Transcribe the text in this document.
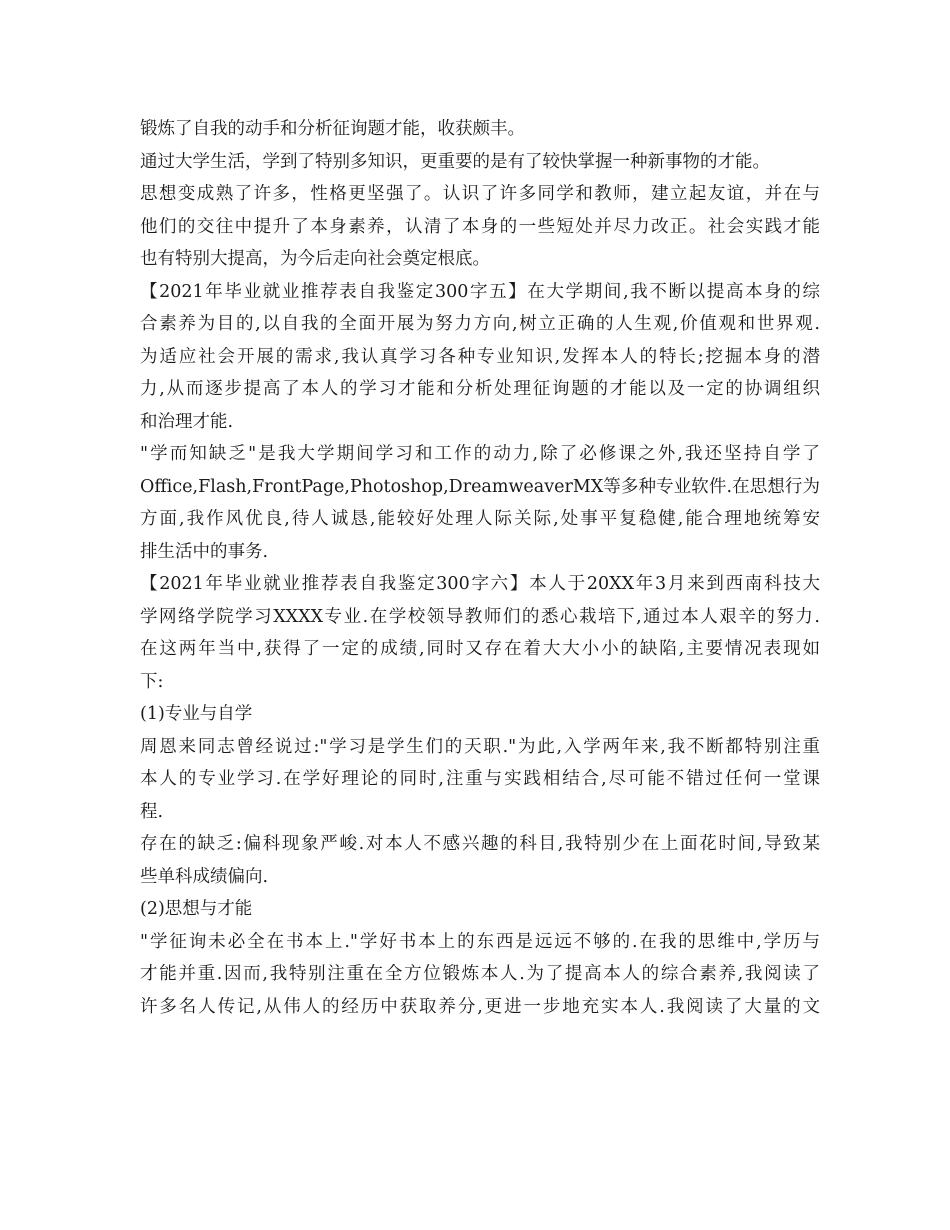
锻炼了自我的动手和分析征询题才能，收获颇丰。
通过大学生活，学到了特别多知识，更重要的是有了较快掌握一种新事物的才能。
思想变成熟了许多，性格更坚强了。认识了许多同学和教师，建立起友谊，并在与
他们的交往中提升了本身素养，认清了本身的一些短处并尽力改正。社会实践才能
也有特别大提高，为今后走向社会奠定根底。
【2021年毕业就业推荐表自我鉴定300字五】在大学期间,我不断以提高本身的综
合素养为目的,以自我的全面开展为努力方向,树立正确的人生观,价值观和世界观.
为适应社会开展的需求,我认真学习各种专业知识,发挥本人的特长;挖掘本身的潜
力,从而逐步提高了本人的学习才能和分析处理征询题的才能以及一定的协调组织
和治理才能.
"学而知缺乏"是我大学期间学习和工作的动力,除了必修课之外,我还坚持自学了
Office,Flash,FrontPage,Photoshop,DreamweaverMX等多种专业软件.在思想行为
方面,我作风优良,待人诚恳,能较好处理人际关际,处事平复稳健,能合理地统筹安
排生活中的事务.
【2021年毕业就业推荐表自我鉴定300字六】本人于20XX年3月来到西南科技大
学网络学院学习XXXX专业.在学校领导教师们的悉心栽培下,通过本人艰辛的努力.
在这两年当中,获得了一定的成绩,同时又存在着大大小小的缺陷,主要情况表现如
下:
(1)专业与自学
周恩来同志曾经说过:"学习是学生们的天职."为此,入学两年来,我不断都特别注重
本人的专业学习.在学好理论的同时,注重与实践相结合,尽可能不错过任何一堂课
程.
存在的缺乏:偏科现象严峻.对本人不感兴趣的科目,我特别少在上面花时间,导致某
些单科成绩偏向.
(2)思想与才能
"学征询未必全在书本上."学好书本上的东西是远远不够的.在我的思维中,学历与
才能并重.因而,我特别注重在全方位锻炼本人.为了提高本人的综合素养,我阅读了
许多名人传记,从伟人的经历中获取养分,更进一步地充实本人.我阅读了大量的文
